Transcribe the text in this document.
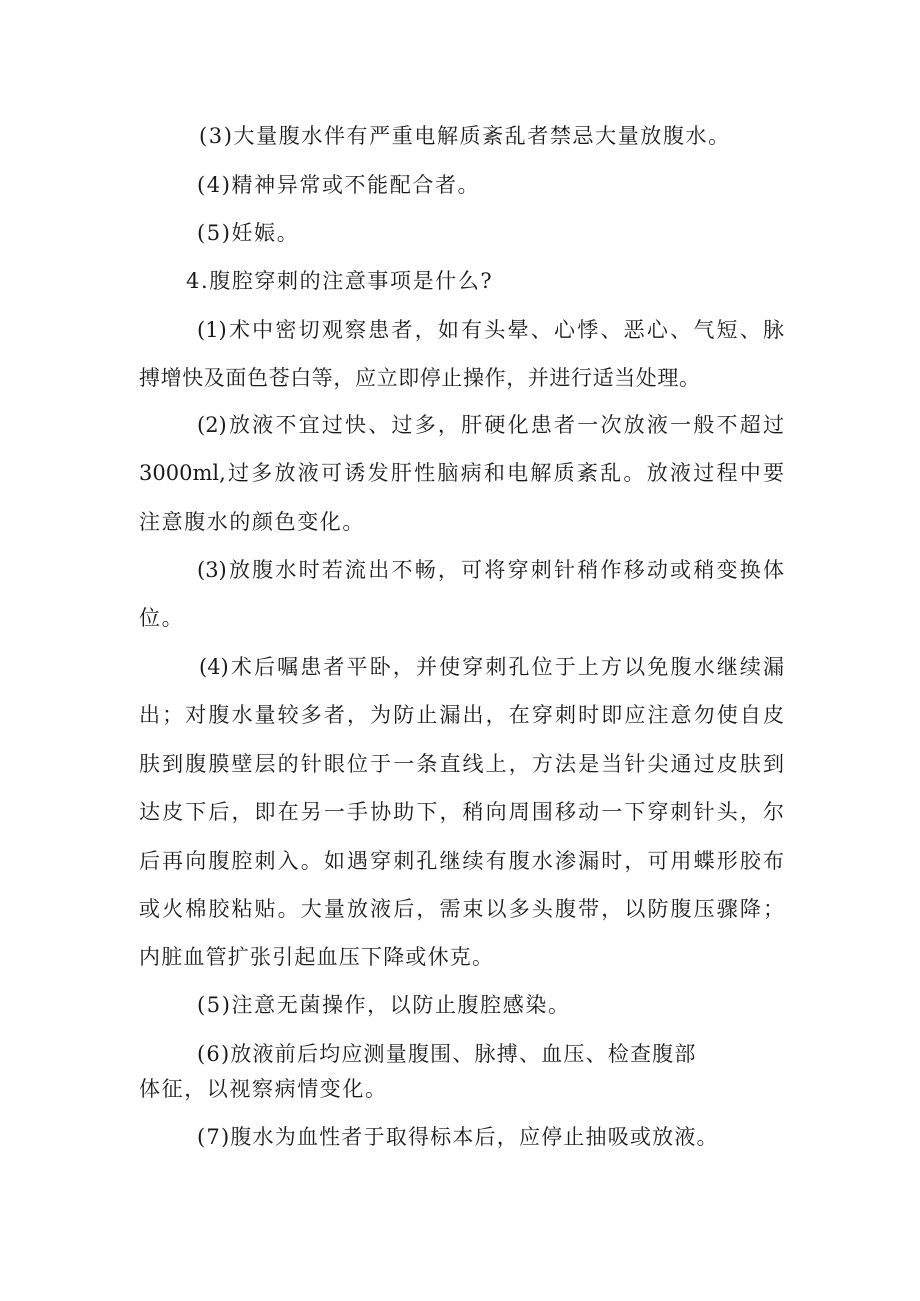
(3)大量腹水伴有严重电解质紊乱者禁忌大量放腹水。
(4)精神异常或不能配合者。
(5)妊娠。
4.腹腔穿刺的注意事项是什么?
(1)术中密切观察患者，如有头晕、心悸、恶心、气短、脉
搏增快及面色苍白等，应立即停止操作，并进行适当处理。
(2)放液不宜过快、过多，肝硬化患者一次放液一般不超过
3000ml,过多放液可诱发肝性脑病和电解质紊乱。放液过程中要
注意腹水的颜色变化。
(3)放腹水时若流出不畅，可将穿刺针稍作移动或稍变换体
位。
(4)术后嘱患者平卧，并使穿刺孔位于上方以免腹水继续漏
出；对腹水量较多者，为防止漏出，在穿刺时即应注意勿使自皮
肤到腹膜壁层的针眼位于一条直线上，方法是当针尖通过皮肤到
达皮下后，即在另一手协助下，稍向周围移动一下穿刺针头，尔
后再向腹腔刺入。如遇穿刺孔继续有腹水渗漏时，可用蝶形胶布
或火棉胶粘贴。大量放液后，需束以多头腹带，以防腹压骤降；
内脏血管扩张引起血压下降或休克。
(5)注意无菌操作，以防止腹腔感染。
(6)放液前后均应测量腹围、脉搏、血压、检查腹部
体征，以视察病情变化。
(7)腹水为血性者于取得标本后，应停止抽吸或放液。
